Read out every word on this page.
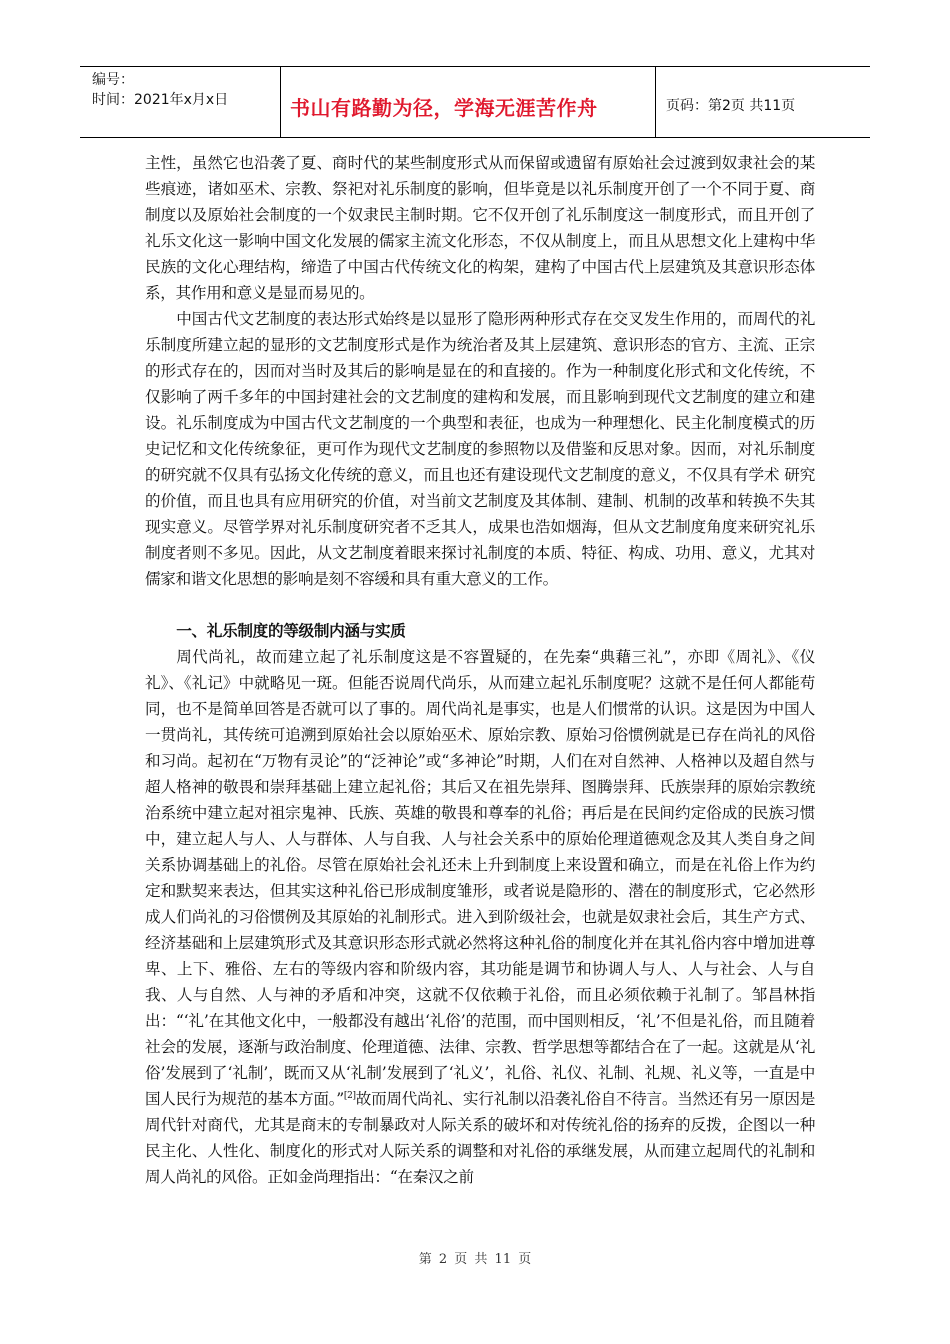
编号：
时间：2021年x月x日	书山有路勤为径，学海无涯苦作舟	页码：第2页 共11页

主性，虽然它也沿袭了夏、商时代的某些制度形式从而保留或遗留有原始社会过渡到奴隶社会的某些痕迹，诸如巫术、宗教、祭祀对礼乐制度的影响，但毕竟是以礼乐制度开创了一个不同于夏、商制度以及原始社会制度的一个奴隶民主制时期。它不仅开创了礼乐制度这一制度形式，而且开创了礼乐文化这一影响中国文化发展的儒家主流文化形态，不仅从制度上，而且从思想文化上建构中华民族的文化心理结构，缔造了中国古代传统文化的构架，建构了中国古代上层建筑及其意识形态体系，其作用和意义是显而易见的。

中国古代文艺制度的表达形式始终是以显形了隐形两种形式存在交叉发生作用的，而周代的礼乐制度所建立起的显形的文艺制度形式是作为统治者及其上层建筑、意识形态的官方、主流、正宗的形式存在的，因而对当时及其后的影响是显在的和直接的。作为一种制度化形式和文化传统，不仅影响了两千多年的中国封建社会的文艺制度的建构和发展，而且影响到现代文艺制度的建立和建设。礼乐制度成为中国古代文艺制度的一个典型和表征，也成为一种理想化、民主化制度模式的历史记忆和文化传统象征，更可作为现代文艺制度的参照物以及借鉴和反思对象。因而，对礼乐制度的研究就不仅具有弘扬文化传统的意义，而且也还有建设现代文艺制度的意义，不仅具有学术 研究的价值，而且也具有应用研究的价值，对当前文艺制度及其体制、建制、机制的改革和转换不失其现实意义。尽管学界对礼乐制度研究者不乏其人，成果也浩如烟海，但从文艺制度角度来研究礼乐制度者则不多见。因此，从文艺制度着眼来探讨礼制度的本质、特征、构成、功用、意义，尤其对儒家和谐文化思想的影响是刻不容缓和具有重大意义的工作。

一、礼乐制度的等级制内涵与实质

周代尚礼，故而建立起了礼乐制度这是不容置疑的，在先秦“典藉三礼”，亦即《周礼》、《仪礼》、《礼记》中就略见一斑。但能否说周代尚乐，从而建立起礼乐制度呢？这就不是任何人都能苟同，也不是简单回答是否就可以了事的。周代尚礼是事实，也是人们惯常的认识。这是因为中国人一贯尚礼，其传统可追溯到原始社会以原始巫术、原始宗教、原始习俗惯例就是已存在尚礼的风俗和习尚。起初在“万物有灵论”的“泛神论”或“多神论”时期，人们在对自然神、人格神以及超自然与超人格神的敬畏和崇拜基础上建立起礼俗；其后又在祖先崇拜、图腾崇拜、氏族崇拜的原始宗教统治系统中建立起对祖宗鬼神、氏族、英雄的敬畏和尊奉的礼俗；再后是在民间约定俗成的民族习惯中，建立起人与人、人与群体、人与自我、人与社会关系中的原始伦理道德观念及其人类自身之间关系协调基础上的礼俗。尽管在原始社会礼还未上升到制度上来设置和确立，而是在礼俗上作为约定和默契来表达，但其实这种礼俗已形成制度雏形，或者说是隐形的、潜在的制度形式，它必然形成人们尚礼的习俗惯例及其原始的礼制形式。进入到阶级社会，也就是奴隶社会后，其生产方式、经济基础和上层建筑形式及其意识形态形式就必然将这种礼俗的制度化并在其礼俗内容中增加进尊卑、上下、雅俗、左右的等级内容和阶级内容，其功能是调节和协调人与人、人与社会、人与自我、人与自然、人与神的矛盾和冲突，这就不仅依赖于礼俗，而且必须依赖于礼制了。邹昌林指出：“‘礼’在其他文化中，一般都没有越出‘礼俗’的范围，而中国则相反，‘礼’不但是礼俗，而且随着社会的发展，逐渐与政治制度、伦理道德、法律、宗教、哲学思想等都结合在了一起。这就是从‘礼俗’发展到了‘礼制’，既而又从‘礼制’发展到了‘礼义’，礼俗、礼仪、礼制、礼规、礼义等，一直是中国人民行为规范的基本方面。”[2]故而周代尚礼、实行礼制以沿袭礼俗自不待言。当然还有另一原因是周代针对商代，尤其是商末的专制暴政对人际关系的破坏和对传统礼俗的扬弃的反拨，企图以一种民主化、人性化、制度化的形式对人际关系的调整和对礼俗的承继发展，从而建立起周代的礼制和周人尚礼的风俗。正如金尚理指出：“在秦汉之前

第 2 页 共 11 页
